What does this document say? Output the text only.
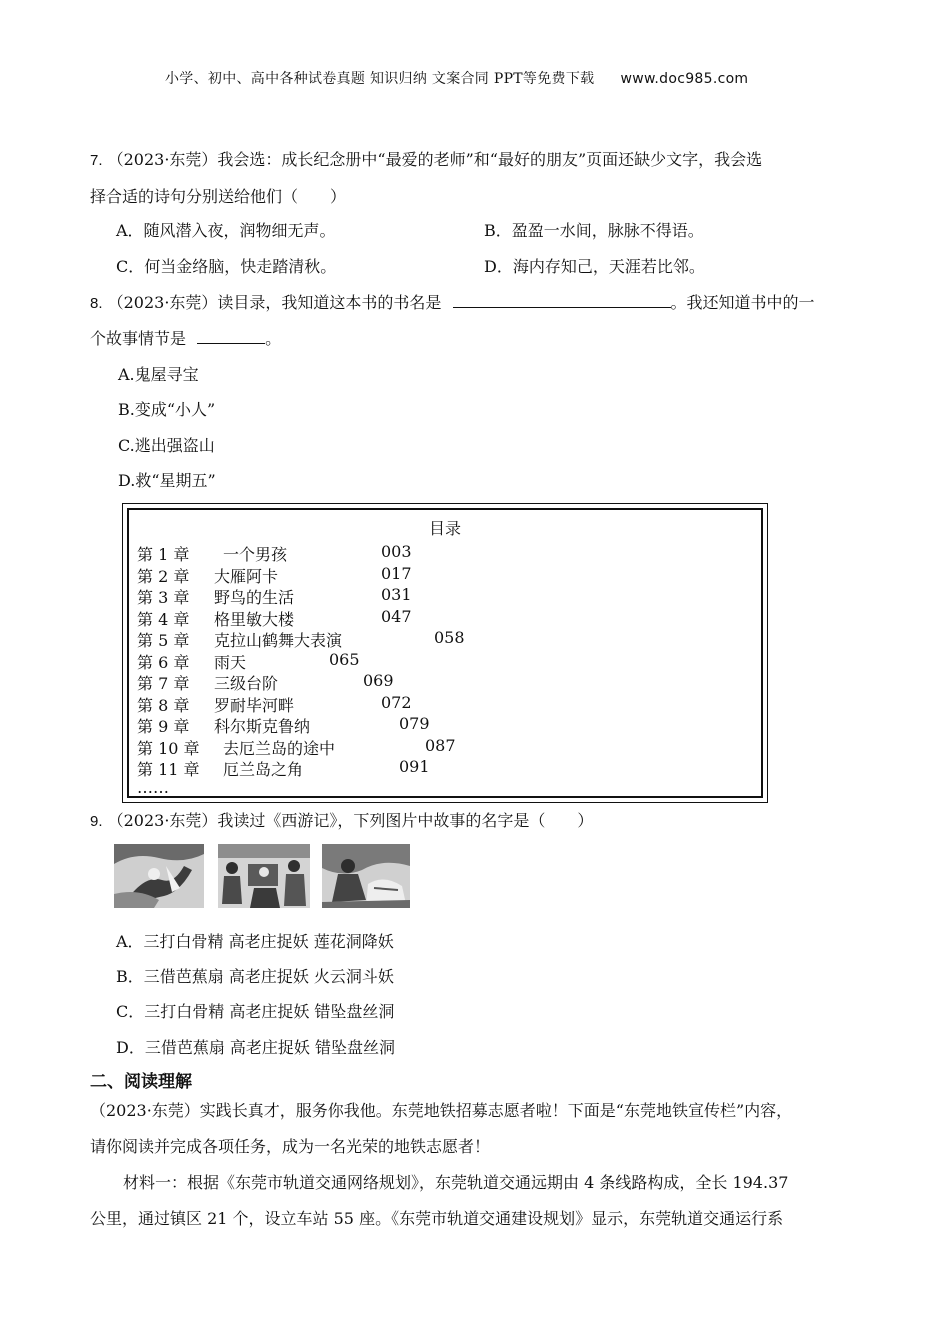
小学、初中、高中各种试卷真题 知识归纳 文案合同 PPT等免费下载 www.doc985.com
7. （2023·东莞）我会选：成长纪念册中“最爱的老师”和“最好的朋友”页面还缺少文字，我会选
择合适的诗句分别送给他们（　　）
A．随风潜入夜，润物细无声。	B．盈盈一水间，脉脉不得语。
C．何当金络脑，快走踏清秋。	D．海内存知己，天涯若比邻。
8. （2023·东莞）读目录，我知道这本书的书名是	。我还知道书中的一
个故事情节是	。
A.鬼屋寻宝
B.变成“小人”
C.逃出强盗山
D.救“星期五”
目录
第 1 章 一个男孩	003
第 2 章 大雁阿卡	017
第 3 章 野鸟的生活	031
第 4 章 格里敏大楼	047
第 5 章 克拉山鹤舞大表演	058
第 6 章 雨天	065
第 7 章 三级台阶	069
第 8 章 罗耐毕河畔	072
第 9 章 科尔斯克鲁纳	079
第 10 章 去厄兰岛的途中	087
第 11 章 厄兰岛之角	091
……
9. （2023·东莞）我读过《西游记》，下列图片中故事的名字是（　　）
A．三打白骨精 高老庄捉妖 莲花洞降妖
B．三借芭蕉扇 高老庄捉妖 火云洞斗妖
C．三打白骨精 高老庄捉妖 错坠盘丝洞
D．三借芭蕉扇 高老庄捉妖 错坠盘丝洞
二、阅读理解
（2023·东莞）实践长真才，服务你我他。东莞地铁招募志愿者啦！下面是“东莞地铁宣传栏”内容，
请你阅读并完成各项任务，成为一名光荣的地铁志愿者！
材料一：根据《东莞市轨道交通网络规划》，东莞轨道交通远期由 4 条线路构成，全长 194.37
公里，通过镇区 21 个，设立车站 55 座。《东莞市轨道交通建设规划》显示，东莞轨道交通运行系
